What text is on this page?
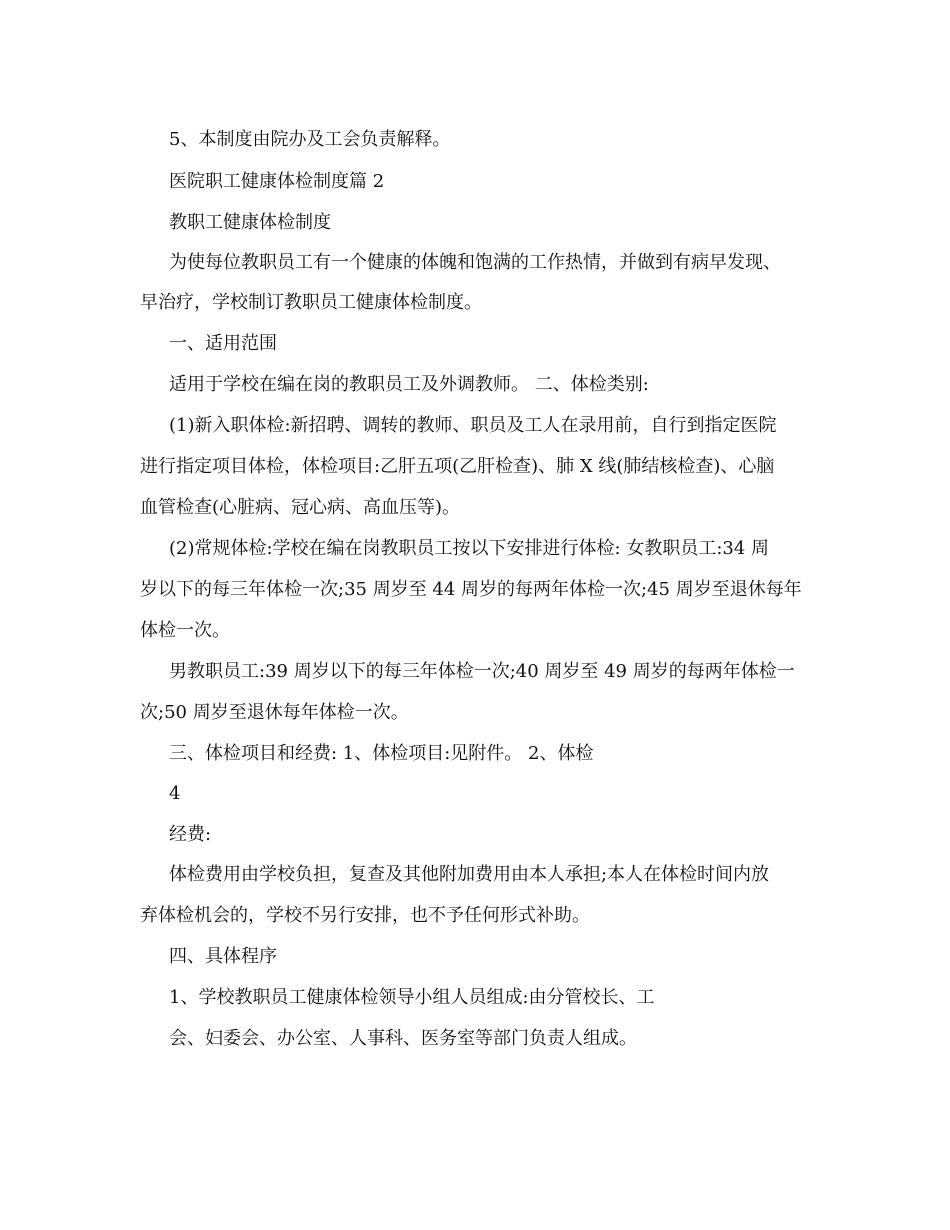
5、本制度由院办及工会负责解释。
医院职工健康体检制度篇 2
教职工健康体检制度
为使每位教职员工有一个健康的体魄和饱满的工作热情，并做到有病早发现、
早治疗，学校制订教职员工健康体检制度。
一、适用范围
适用于学校在编在岗的教职员工及外调教师。 二、体检类别:
(1)新入职体检:新招聘、调转的教师、职员及工人在录用前，自行到指定医院
进行指定项目体检，体检项目:乙肝五项(乙肝检查)、肺 X 线(肺结核检查)、心脑
血管检查(心脏病、冠心病、高血压等)。
(2)常规体检:学校在编在岗教职员工按以下安排进行体检: 女教职员工:34 周
岁以下的每三年体检一次;35 周岁至 44 周岁的每两年体检一次;45 周岁至退休每年
体检一次。
男教职员工:39 周岁以下的每三年体检一次;40 周岁至 49 周岁的每两年体检一
次;50 周岁至退休每年体检一次。
三、体检项目和经费: 1、体检项目:见附件。 2、体检
4
经费:
体检费用由学校负担，复查及其他附加费用由本人承担;本人在体检时间内放
弃体检机会的，学校不另行安排，也不予任何形式补助。
四、具体程序
1、学校教职员工健康体检领导小组人员组成:由分管校长、工
会、妇委会、办公室、人事科、医务室等部门负责人组成。
